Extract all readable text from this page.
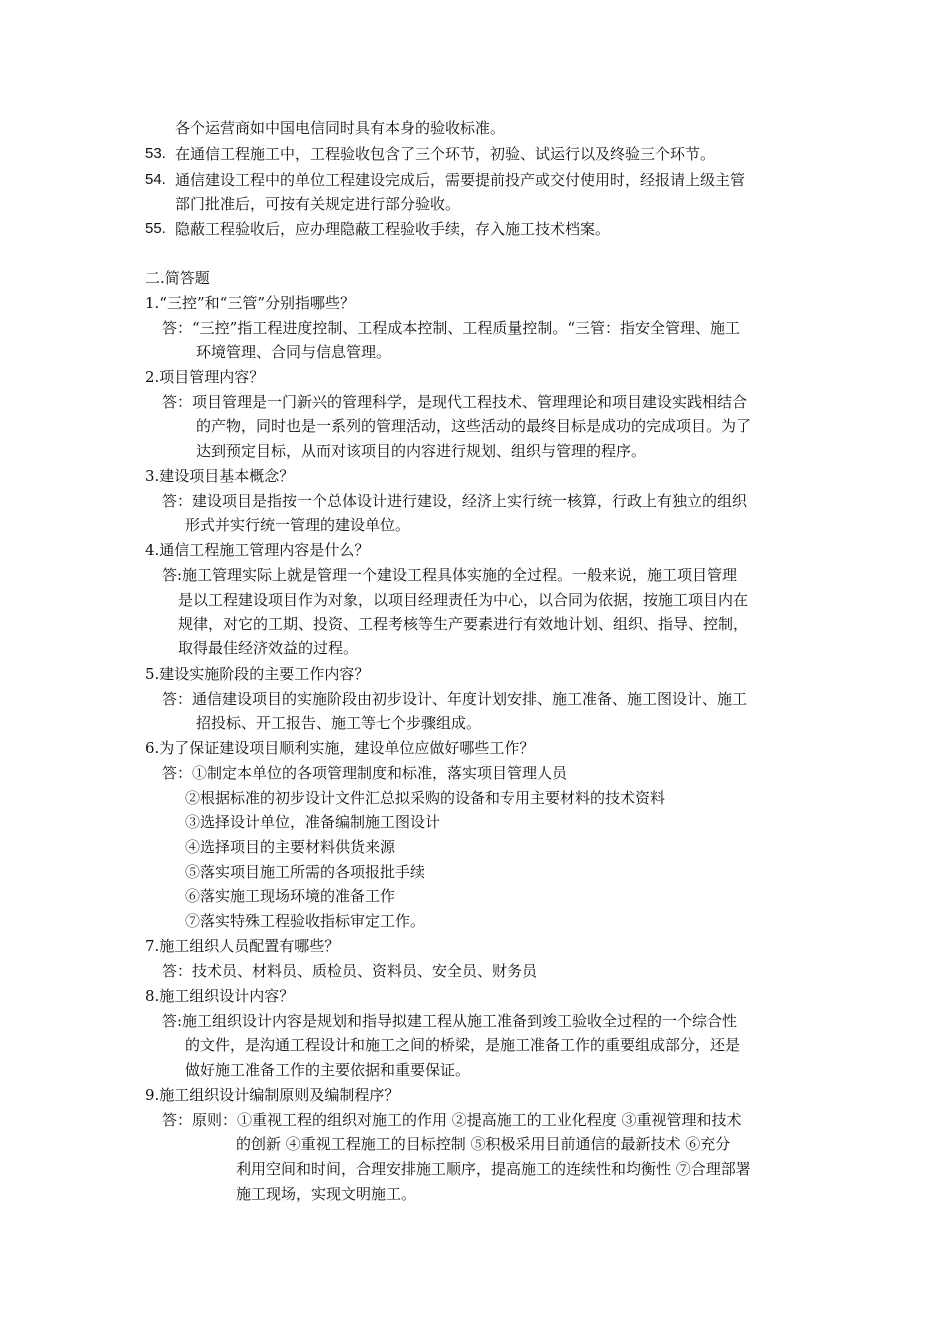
各个运营商如中国电信同时具有本身的验收标准。
53. 在通信工程施工中，工程验收包含了三个环节，初验、试运行以及终验三个环节。
54. 通信建设工程中的单位工程建设完成后，需要提前投产或交付使用时，经报请上级主管
部门批准后，可按有关规定进行部分验收。
55. 隐蔽工程验收后，应办理隐蔽工程验收手续，存入施工技术档案。
二.简答题
1.“三控”和“三管”分别指哪些？
答：“三控”指工程进度控制、工程成本控制、工程质量控制。“三管：指安全管理、施工
环境管理、合同与信息管理。
2.项目管理内容？
答：项目管理是一门新兴的管理科学，是现代工程技术、管理理论和项目建设实践相结合
的产物，同时也是一系列的管理活动，这些活动的最终目标是成功的完成项目。为了
达到预定目标，从而对该项目的内容进行规划、组织与管理的程序。
3.建设项目基本概念？
答：建设项目是指按一个总体设计进行建设，经济上实行统一核算，行政上有独立的组织
形式并实行统一管理的建设单位。
4.通信工程施工管理内容是什么？
答:施工管理实际上就是管理一个建设工程具体实施的全过程。一般来说，施工项目管理
是以工程建设项目作为对象，以项目经理责任为中心，以合同为依据，按施工项目内在
规律，对它的工期、投资、工程考核等生产要素进行有效地计划、组织、指导、控制，
取得最佳经济效益的过程。
5.建设实施阶段的主要工作内容？
答：通信建设项目的实施阶段由初步设计、年度计划安排、施工准备、施工图设计、施工
招投标、开工报告、施工等七个步骤组成。
6.为了保证建设项目顺利实施，建设单位应做好哪些工作？
答：①制定本单位的各项管理制度和标准，落实项目管理人员
②根据标准的初步设计文件汇总拟采购的设备和专用主要材料的技术资料
③选择设计单位，准备编制施工图设计
④选择项目的主要材料供货来源
⑤落实项目施工所需的各项报批手续
⑥落实施工现场环境的准备工作
⑦落实特殊工程验收指标审定工作。
7.施工组织人员配置有哪些？
答：技术员、材料员、质检员、资料员、安全员、财务员
8.施工组织设计内容？
答:施工组织设计内容是规划和指导拟建工程从施工准备到竣工验收全过程的一个综合性
的文件，是沟通工程设计和施工之间的桥梁，是施工准备工作的重要组成部分，还是
做好施工准备工作的主要依据和重要保证。
9.施工组织设计编制原则及编制程序？
答：原则：①重视工程的组织对施工的作用 ②提高施工的工业化程度 ③重视管理和技术
的创新 ④重视工程施工的目标控制 ⑤积极采用目前通信的最新技术 ⑥充分
利用空间和时间，合理安排施工顺序，提高施工的连续性和均衡性 ⑦合理部署
施工现场，实现文明施工。
